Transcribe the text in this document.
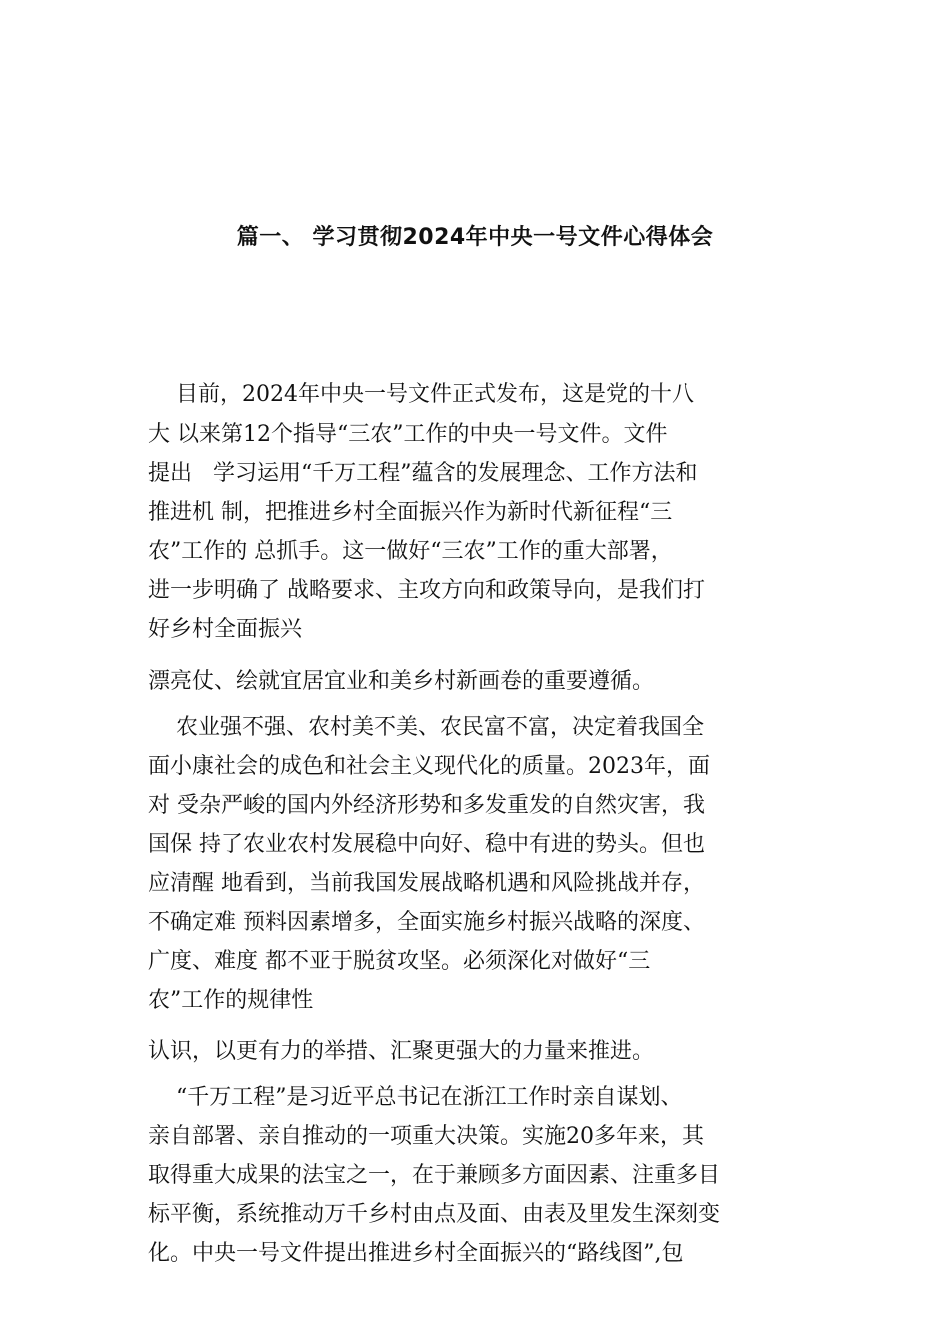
篇一、 学习贯彻2024年中央一号文件心得体会
目前，2024年中央一号文件正式发布，这是党的十八
大 以来第12个指导“三农”工作的中央一号文件。文件
提出   学习运用“千万工程”蕴含的发展理念、工作方法和
推进机 制，把推进乡村全面振兴作为新时代新征程“三
农”工作的 总抓手。这一做好“三农”工作的重大部署，
进一步明确了 战略要求、主攻方向和政策导向，是我们打
好乡村全面振兴
漂亮仗、绘就宜居宜业和美乡村新画卷的重要遵循。
农业强不强、农村美不美、农民富不富，决定着我国全
面小康社会的成色和社会主义现代化的质量。2023年，面
对 受杂严峻的国内外经济形势和多发重发的自然灾害，我
国保 持了农业农村发展稳中向好、稳中有进的势头。但也
应清醒 地看到，当前我国发展战略机遇和风险挑战并存，
不确定难 预料因素增多，全面实施乡村振兴战略的深度、
广度、难度 都不亚于脱贫攻坚。必须深化对做好“三
农”工作的规律性
认识，以更有力的举措、汇聚更强大的力量来推进。
“千万工程”是习近平总书记在浙江工作时亲自谋划、
亲自部署、亲自推动的一项重大决策。实施20多年来，其
取得重大成果的法宝之一，在于兼顾多方面因素、注重多目
标平衡，系统推动万千乡村由点及面、由表及里发生深刻变
化。中央一号文件提出推进乡村全面振兴的“路线图”,包
